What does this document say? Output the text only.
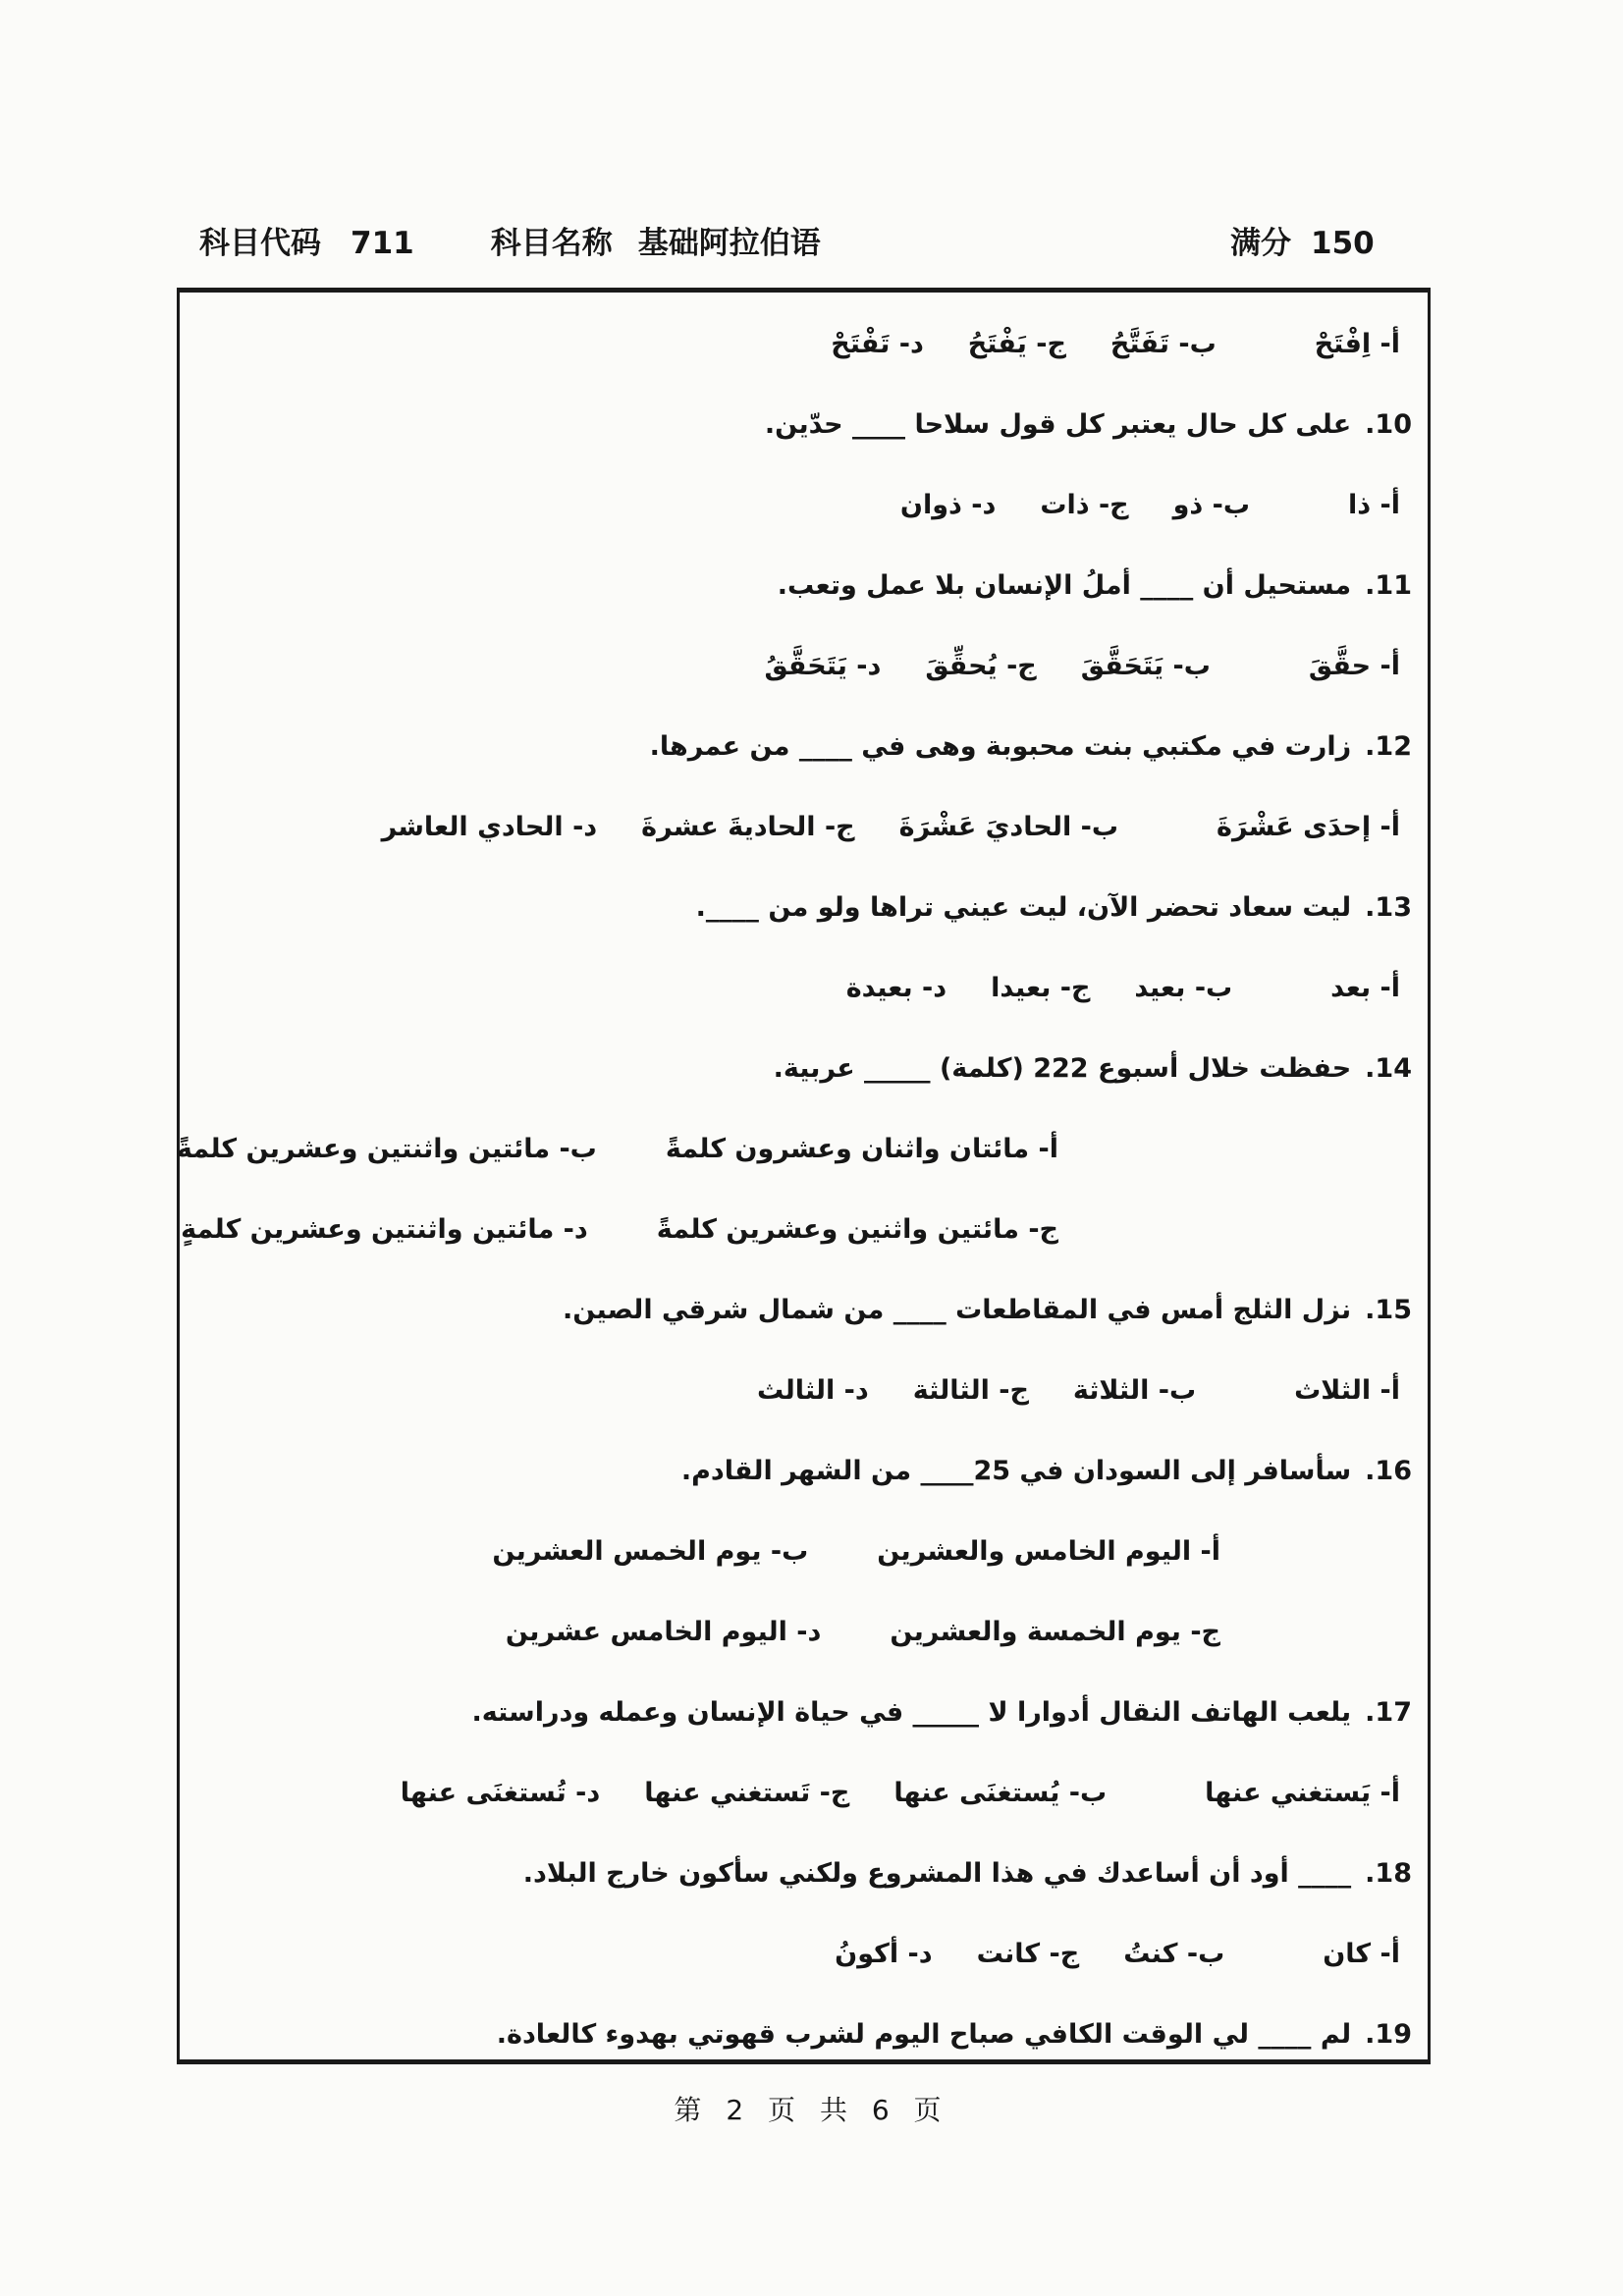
科目代码 711	科目名称 基础阿拉伯语	满分 150
أ- اِفْتَحْ
ب- تَفَتَّحُ
ج- يَفْتَحُ
د- تَفْتَحْ
10.على كل حال يعتبر كل قول سلاحا ____ حدّين.
أ- ذا
ب- ذو
ج- ذات
د- ذوان
11.مستحيل أن ____ أملُ الإنسان بلا عمل وتعب.
أ- حقَّقَ
ب- يَتَحَقَّقَ
ج- يُحقِّقَ
د- يَتَحَقَّقُ
12.زارت في مكتبي بنت محبوبة وهى في ____ من عمرها.
أ- إحدَى عَشْرَةَ
ب- الحاديَ عَشْرَةَ
ج- الحاديةَ عشرةَ
د- الحادي العاشر
13.ليت سعاد تحضر الآن، ليت عيني تراها ولو من ____.
أ- بعد
ب- بعيد
ج- بعيدا
د- بعيدة
14.حفظت خلال أسبوع 222 (كلمة) _____ عربية.
أ- مائتان واثنان وعشرون كلمةً
ب- مائتين واثنتين وعشرين كلمةً
ج- مائتين واثنين وعشرين كلمةً
د- مائتين واثنتين وعشرين كلمةٍ
15.نزل الثلج أمس في المقاطعات ____ من شمال شرقي الصين.
أ- الثلاث
ب- الثلاثة
ج- الثالثة
د- الثالث
16.سأسافر إلى السودان في 25____ من الشهر القادم.
أ- اليوم الخامس والعشرين
ب- يوم الخمس العشرين
ج- يوم الخمسة والعشرين
د- اليوم الخامس عشرين
17.يلعب الهاتف النقال أدوارا لا _____ في حياة الإنسان وعمله ودراسته.
أ- يَستغني عنها
ب- يُستغنَى عنها
ج- تَستغني عنها
د- تُستغنَى عنها
18.____ أود أن أساعدك في هذا المشروع ولكني سأكون خارج البلاد.
أ- كان
ب- كنتُ
ج- كانت
د- أكونُ
19.لم ____ لي الوقت الكافي صباح اليوم لشرب قهوتي بهدوء كالعادة.
第 2 页 共 6 页
